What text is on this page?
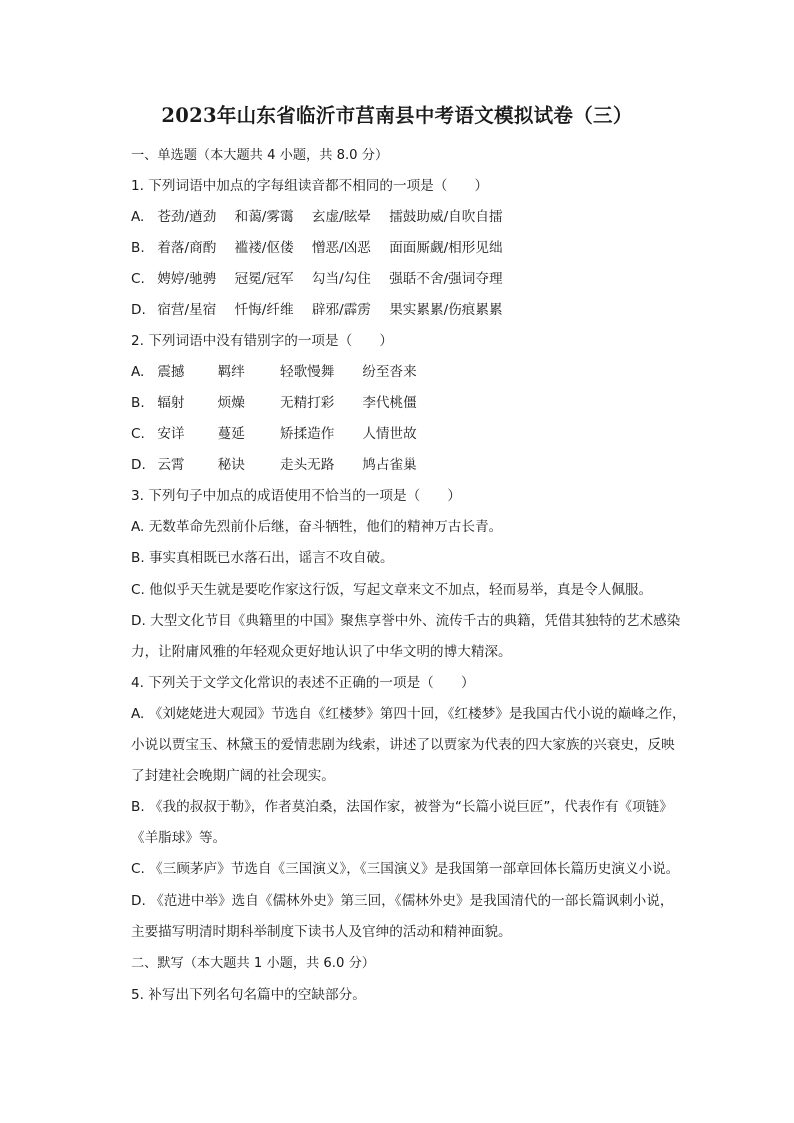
2023年山东省临沂市莒南县中考语文模拟试卷（三）
一、单选题（本大题共 4 小题，共 8.0 分）
1. 下列词语中加点的字每组读音都不相同的一项是（　　）
A. 苍劲/遒劲 和蔼/雾霭 玄虚/眩晕 擂鼓助威/自吹自擂
B. 着落/商酌 褴褛/伛偻 憎恶/凶恶 面面厮觑/相形见绌
C. 娉婷/驰骋 冠冕/冠军 勾当/勾住 强聒不舍/强词夺理
D. 宿营/星宿 忏悔/纤维 辟邪/霹雳 果实累累/伤痕累累
2. 下列词语中没有错别字的一项是（　　）
A. 震撼 羁绊	轻歌慢舞 纷至沓来
B. 辐射 烦燥	无精打彩 李代桃僵
C. 安详 蔓延	矫揉造作 人情世故
D. 云霄 秘诀	走头无路 鸠占雀巢
3. 下列句子中加点的成语使用不恰当的一项是（　　）
A. 无数革命先烈前仆后继，奋斗牺牲，他们的精神万古长青。
B. 事实真相既已水落石出，谣言不攻自破。
C. 他似乎天生就是要吃作家这行饭，写起文章来文不加点，轻而易举，真是令人佩服。
D. 大型文化节目《典籍里的中国》聚焦享誉中外、流传千古的典籍，凭借其独特的艺术感染
力，让附庸风雅的年轻观众更好地认识了中华文明的博大精深。
4. 下列关于文学文化常识的表述不正确的一项是（　　）
A. 《刘姥姥进大观园》节选自《红楼梦》第四十回，《红楼梦》是我国古代小说的巅峰之作，
小说以贾宝玉、林黛玉的爱情悲剧为线索，讲述了以贾家为代表的四大家族的兴衰史，反映
了封建社会晚期广阔的社会现实。
B. 《我的叔叔于勒》，作者莫泊桑，法国作家，被誉为“长篇小说巨匠”，代表作有《项链》
《羊脂球》等。
C. 《三顾茅庐》节选自《三国演义》，《三国演义》是我国第一部章回体长篇历史演义小说。
D. 《范进中举》选自《儒林外史》第三回，《儒林外史》是我国清代的一部长篇讽刺小说，
主要描写明清时期科举制度下读书人及官绅的活动和精神面貌。
二、默写（本大题共 1 小题，共 6.0 分）
5. 补写出下列名句名篇中的空缺部分。
